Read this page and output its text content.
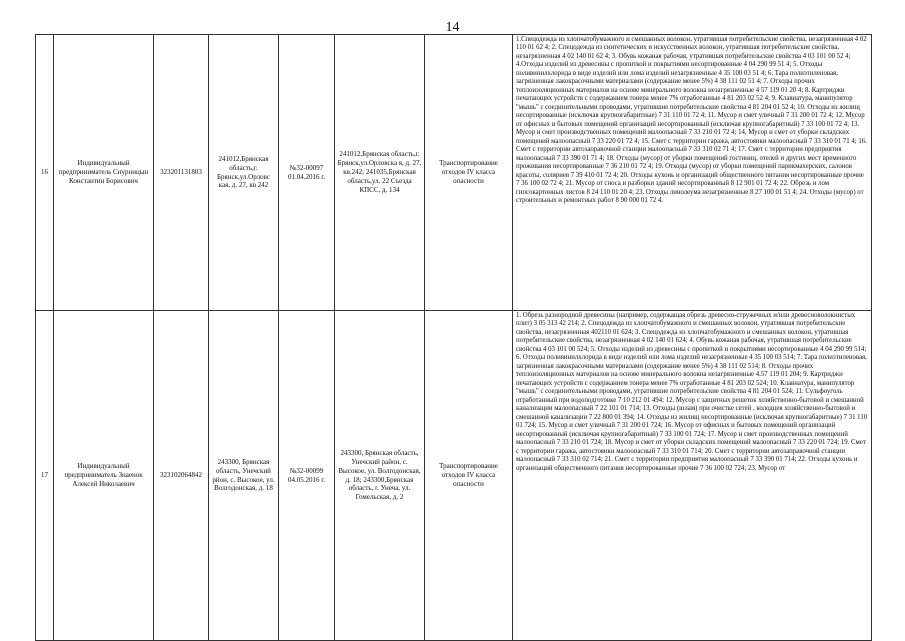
14
16	Индивидуальный предприниматель Снурницын Константин Борисович	323201131803	241012,Брянская область,г. Брянск,ул.Орловс кая, д. 27, кв 242	№32-00097 01.04.2016 г.	241012,Брянская область,г. Брянск,ул.Орловска я, д. 27, кв.242; 241035,Брянская область,ул. 22 Съезда КПСС, д. 134	Транспортирование отходов IV класса опасности	1.Спецодежда из хлопчатобумажного и смешанных волокон, утратившая потребительские свойства, незагрязненная 4 02 110 01 62 4; 2. Спецодежда из синтетических и искусственных волокон, утратившая потребительские свойства, незагрязненная 4 02 140 01 62 4; 3. Обувь кожаная рабочая, утратившая потребительские свойства 4 03 101 00 52 4; 4.Отходы изделий из древесины с пропиткой и покрытиями несортированные 4 04 290 99 51 4; 5. Отходы поливинилхлорида в виде изделий или лома изделий незагрязненные 4 35 100 03 51 4; 6. Тара полиэтиленовая, загрязненная лакокрасочными материалами (содержание менее 5%) 4 38 111 02 51 4; 7. Отходы прочих теплоизоляционных материалов на основе минерального волокна незагрязненные 4 57 119 01 20 4; 8. Картриджи печатающих устройств с содержанием тонера менее 7% отработанные 4 81 203 02 52 4; 9. Клавиатура, манипулятор "мышь" с соединительными проводами, утратившие потребительские свойства 4 81 204 01 52 4; 10. Отходы из жилищ несортированные (исключая крупногабаритные) 7 31 110 01 72 4; 11. Мусор и смет уличный 7 31 200 01 72 4; 12. Мусор от офисных и бытовых помещений организаций несортированный (исключая крупногабаритный) 7 33 100 01 72 4; 13. Мусор и смет производственных помещений малоопасный 7 33 210 01 72 4; 14. Мусор и смет от уборки складских помещений малоопасный 7 33 220 01 72 4; 15. Смет с территории гаража, автостоянки малоопасный 7 33 310 01 71 4; 16. Смет с территории автозаправочной станции малоопасный 7 33 310 02 71 4; 17. Смет с территории предприятия малоопасный 7 33 390 01 71 4; 18. Отходы (мусор) от уборки помещений гостиниц, отелей и других мест временного проживания несортированные 7 36 210 01 72 4; 19. Отходы (мусор) от уборки помещений парикмахерских, салонов красоты, соляриев 7 39 410 01 72 4; 20. Отходы кухонь и организаций общественного питания несортированные прочие 7 36 100 02 72 4; 21. Мусор от сноса и разборки зданий несортированный 8 12 901 01 72 4; 22. Обрезь и лом гипсокартонных листов 8 24 110 01 20 4; 23. Отходы линолеума незагрязненные 8 27 100 01 51 4; 24. Отходы (мусор) от строительных и ремонтных работ 8 90 000 01 72 4.
17	Индивидуальный предприниматель Знаенок Алексей Николаевич	323102064842	243300, Брянская область, Унечский рйон, с. Высокое, ул. Волгодонская, д. 18	№32-00099 04.05.2016 г.	243300, Брянская область, Унечский район, с. Высокое, ул. Волгодонская, д. 18; 243300,Брянская область, г. Унеча, ул. Гомельская, д. 2	Транспортирование отходов IV класса опасности	1. Обрезь разнородной древесины (например, содержащая обрезь древесно-стружечных и/или древесноволокнистых плит) 3 05 313 42 214; 2. Спецодежда из хлопчатобумажного и смешанных волокон, утратившая потребительские свойства, незагрязненная 402110 01 624; 3. Спецодежда из хлопчатобумажного и смешанных волокон, утратившая потребительские свойства, незагрязненная 4 02 140 01 624; 4. Обувь кожаная рабочая, утратившая потребительские свойства 4 03 101 00 524; 5. Отходы изделий из древесины с пропиткой и покрытиями несортированные 4 04 290 99 514; 6. Отходы поливинилхлорида в виде изделий или лома изделий незагрязненные 4 35 100 03 514; 7. Тара полиэтиленовая, загрязненная лакокрасочными материалами (содержание менее 5%) 4 38 111 02 514; 8. Отходы прочих теплоизоляционных материалов на основе минерального волокна незагрязненные 4.57 119 01 204; 9. Картриджи печатающих устройств с содержанием тонера менее 7% отработанные 4 81 203 02 524; 10. Клавиатура, манипулятор "мышь" с соединительными проводами, утратившие потребительские свойства 4 81 204 01 524; 11. Сульфоуголь отработанный при водоподготовке 7 10 212 01 494; 12. Мусор с защитных решеток хозяйственно-бытовой и смешанной канализации малоопасный 7 22 101 01 714; 13. Отходы (шлам) при очистке сетей , колодцев хозяйственно-бытовой и смешанной канализации 7 22 800 01 394; 14. Отходы из жилищ несортированные (исключая крупногабаритные) 7 31 110 01 724; 15. Мусор и смет уличный 7 31 200 01 724; 16. Мусор от офисных и бытовых помещений организаций несортированный (исключая крупногабаритный) 7 33 100 01 724; 17. Мусор и смет производственных помещений малоопасный 7 33 210 01 724; 18. Мусор и смет от уборки складских помещений малоопасный 7 33 220 01 724; 19. Смет с территории гаража, автостоянки малоопасный 7 33 310 01 714; 20. Смет с территории автозаправочной станции малоопасный 7 33 310 02 714; 21. Смет с территории предприятия малоопасный 7 33 390 01 714; 22. Отходы кухонь и организаций общественного питания несортированные прочие 7 36 100 02 724; 23. Мусор от
